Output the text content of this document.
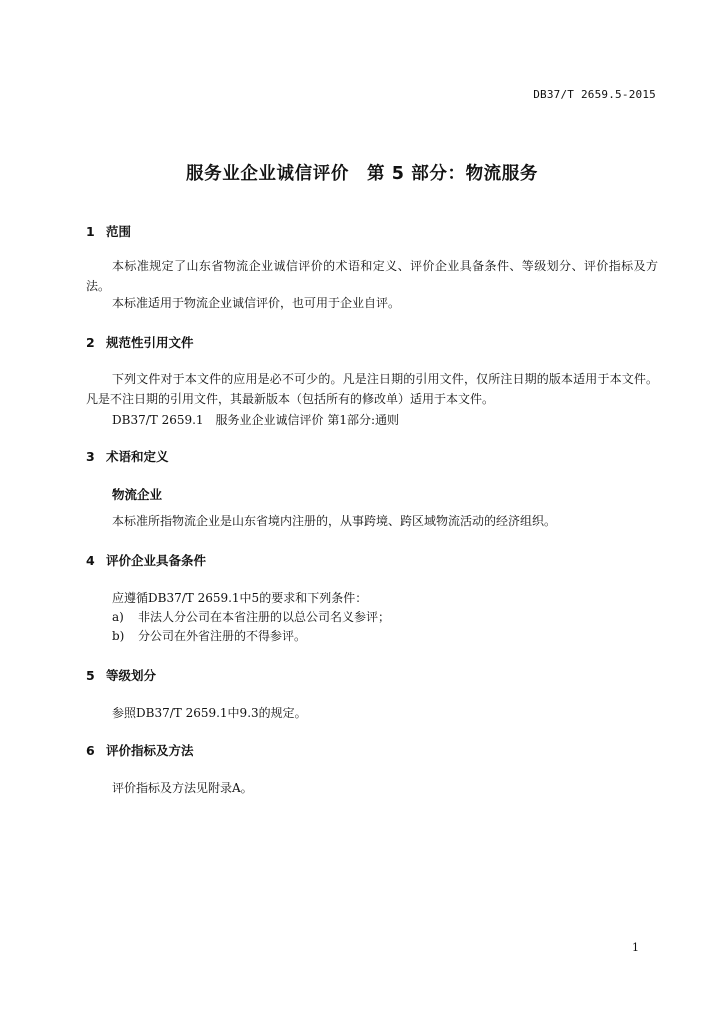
DB37/T 2659.5-2015
服务业企业诚信评价　第 5 部分：物流服务
1 范围
本标准规定了山东省物流企业诚信评价的术语和定义、评价企业具备条件、等级划分、评价指标及方法。
本标准适用于物流企业诚信评价，也可用于企业自评。
2 规范性引用文件
下列文件对于本文件的应用是必不可少的。凡是注日期的引用文件，仅所注日期的版本适用于本文件。凡是不注日期的引用文件，其最新版本（包括所有的修改单）适用于本文件。
DB37/T 2659.1　服务业企业诚信评价 第1部分:通则
3 术语和定义
物流企业
本标准所指物流企业是山东省境内注册的，从事跨境、跨区域物流活动的经济组织。
4 评价企业具备条件
应遵循DB37/T 2659.1中5的要求和下列条件：
a) 非法人分公司在本省注册的以总公司名义参评；
b) 分公司在外省注册的不得参评。
5 等级划分
参照DB37/T 2659.1中9.3的规定。
6 评价指标及方法
评价指标及方法见附录A。
1
